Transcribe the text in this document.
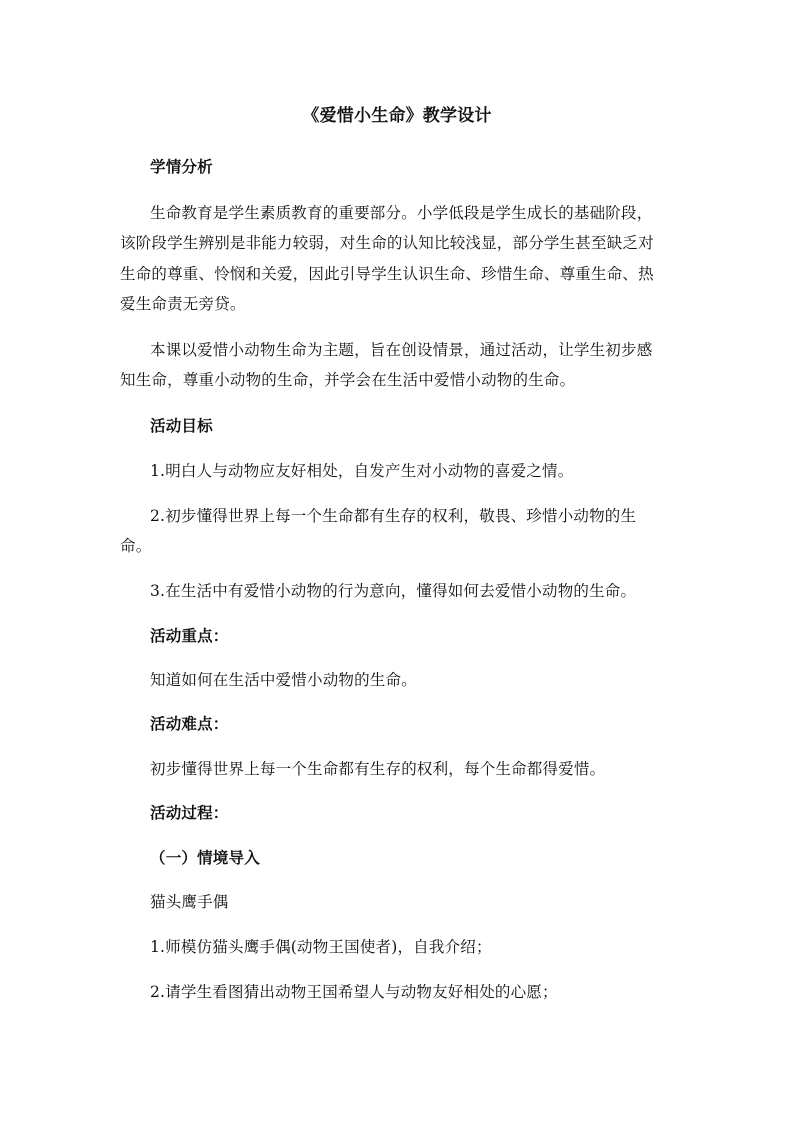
《爱惜小生命》教学设计
学情分析
生命教育是学生素质教育的重要部分。小学低段是学生成长的基础阶段，
该阶段学生辨别是非能力较弱，对生命的认知比较浅显，部分学生甚至缺乏对
生命的尊重、怜悯和关爱，因此引导学生认识生命、珍惜生命、尊重生命、热
爱生命责无旁贷。
本课以爱惜小动物生命为主题，旨在创设情景，通过活动，让学生初步感
知生命，尊重小动物的生命，并学会在生活中爱惜小动物的生命。
活动目标
1.明白人与动物应友好相处，自发产生对小动物的喜爱之情。
2.初步懂得世界上每一个生命都有生存的权利，敬畏、珍惜小动物的生
命。
3.在生活中有爱惜小动物的行为意向，懂得如何去爱惜小动物的生命。
活动重点：
知道如何在生活中爱惜小动物的生命。
活动难点：
初步懂得世界上每一个生命都有生存的权利，每个生命都得爱惜。
活动过程：
（一）情境导入
猫头鹰手偶
1.师模仿猫头鹰手偶(动物王国使者)，自我介绍；
2.请学生看图猜出动物王国希望人与动物友好相处的心愿；
